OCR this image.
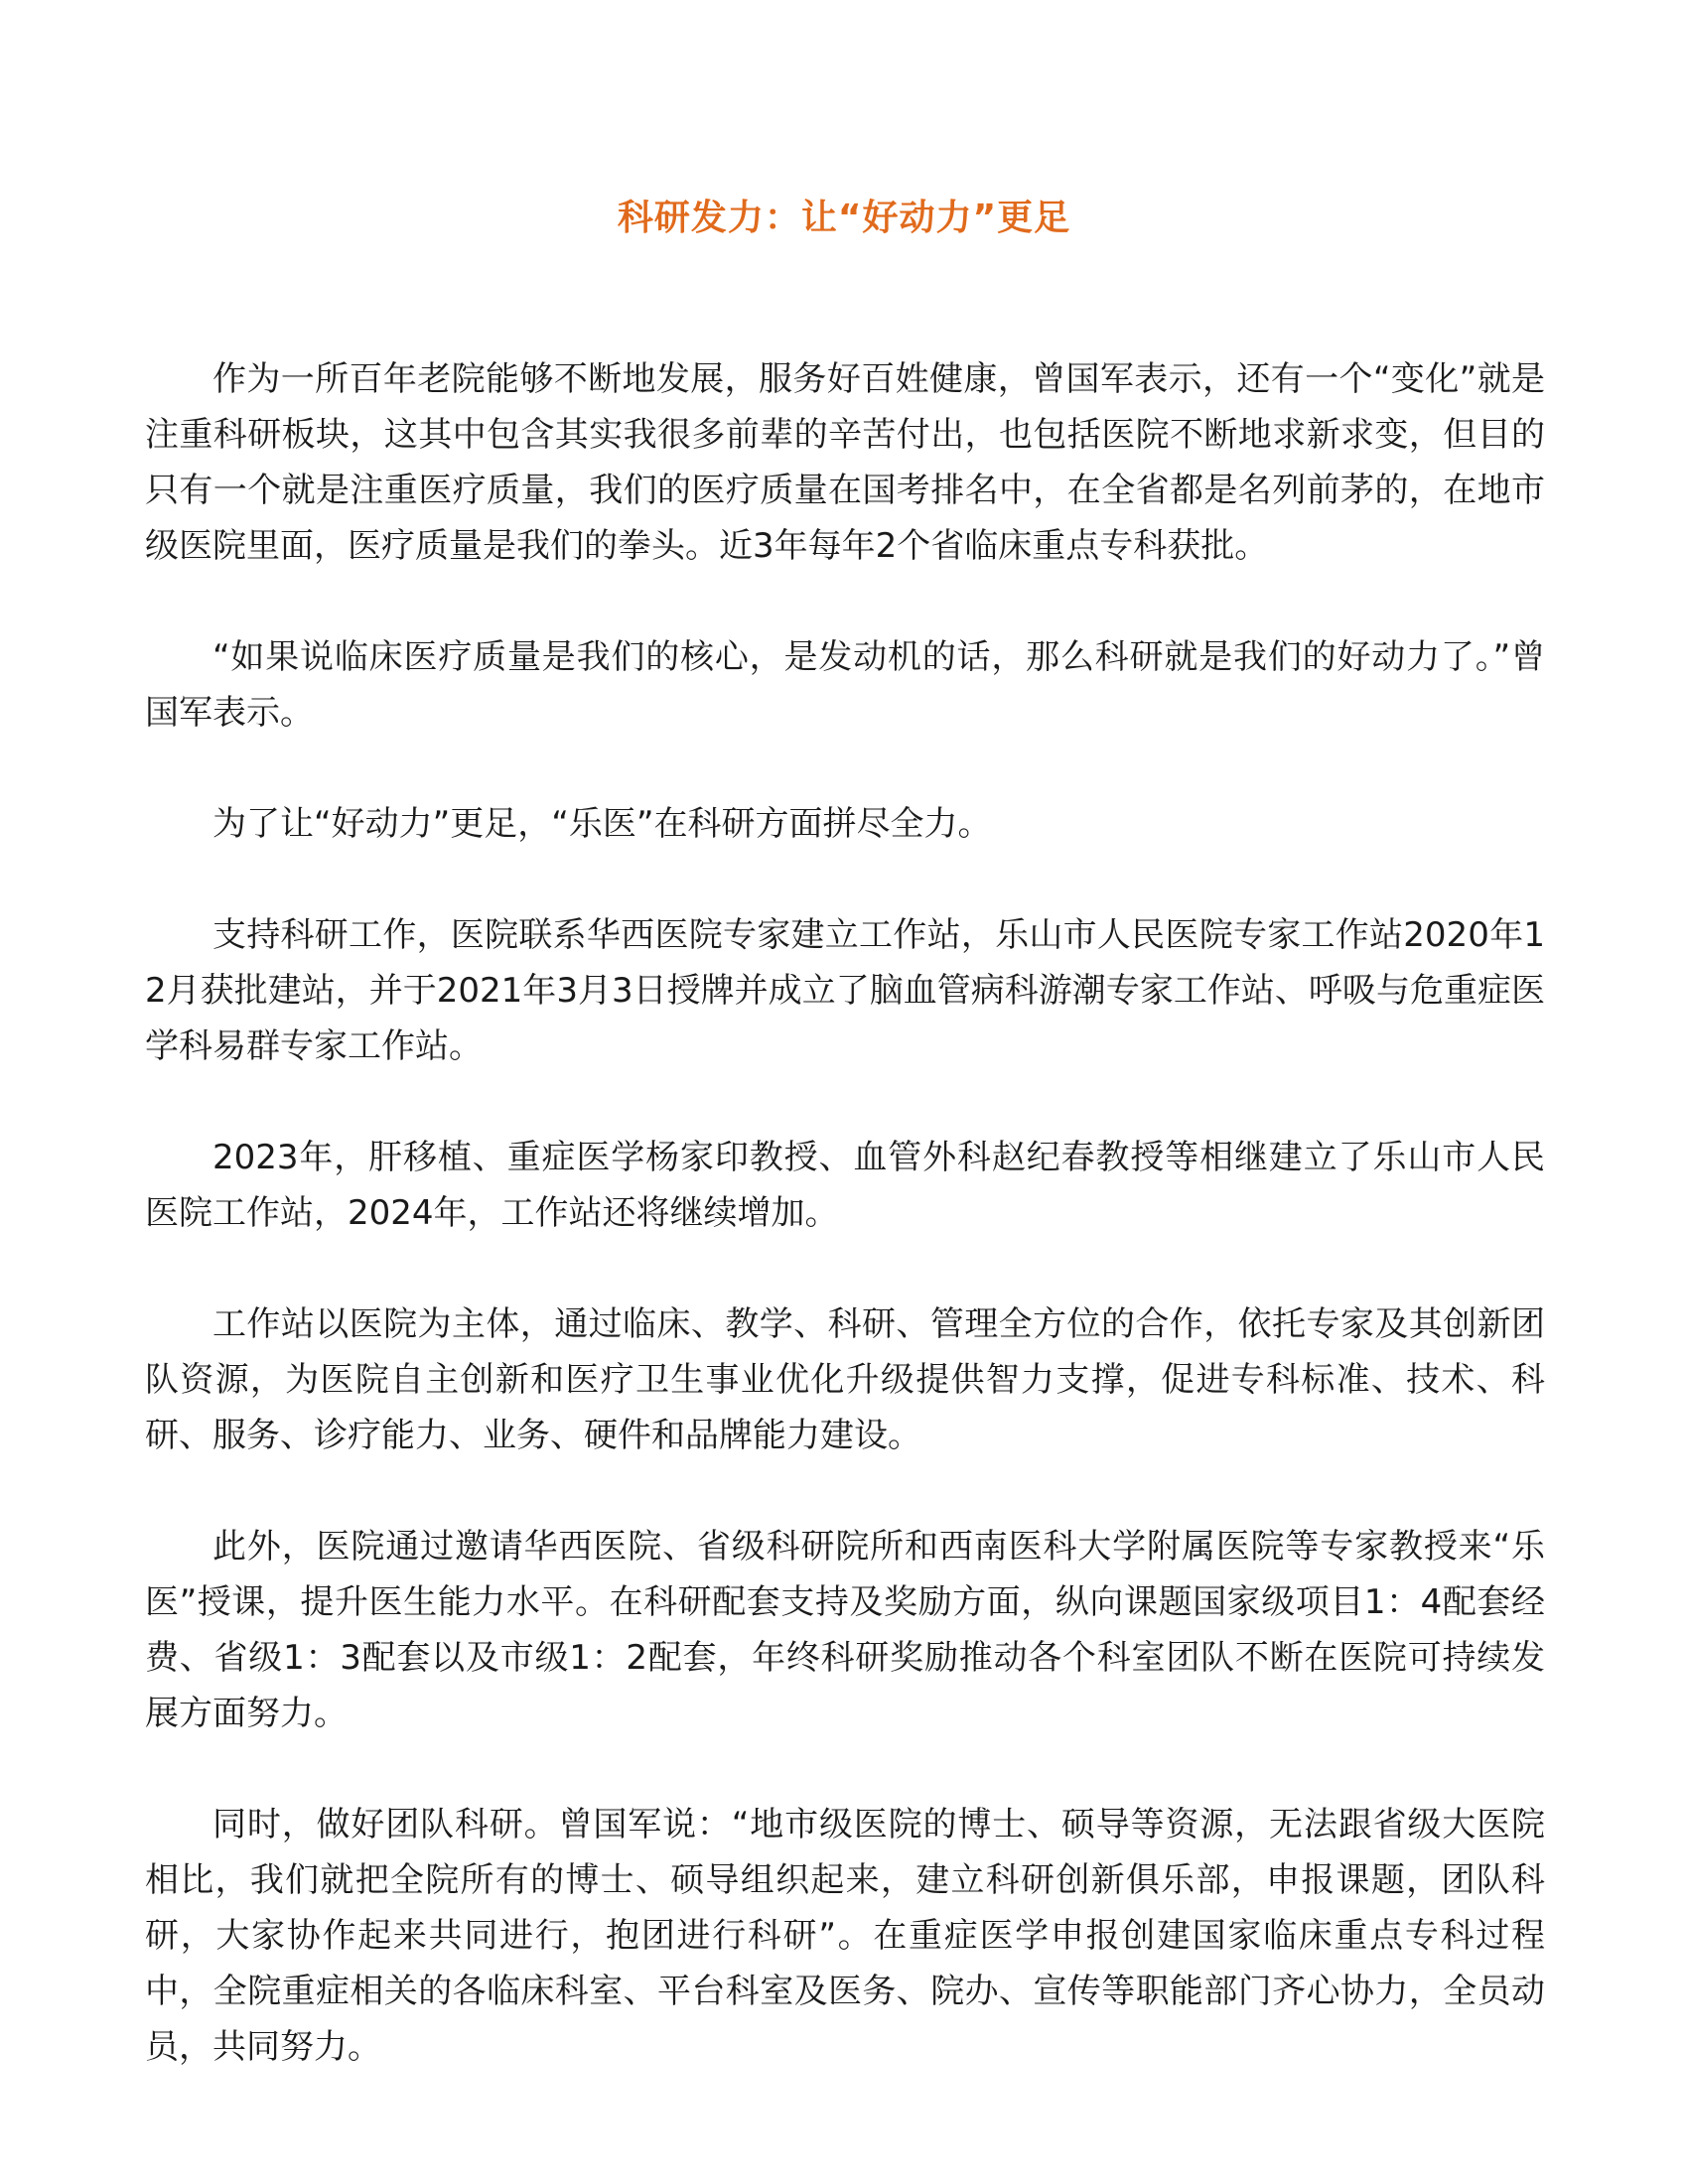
科研发力：让“好动力”更足

作为一所百年老院能够不断地发展，服务好百姓健康，曾国军表示，还有一个“变化”就是注重科研板块，这其中包含其实我很多前辈的辛苦付出，也包括医院不断地求新求变，但目的只有一个就是注重医疗质量，我们的医疗质量在国考排名中，在全省都是名列前茅的，在地市级医院里面，医疗质量是我们的拳头。近3年每年2个省临床重点专科获批。

“如果说临床医疗质量是我们的核心，是发动机的话，那么科研就是我们的好动力了。”曾国军表示。

为了让“好动力”更足，“乐医”在科研方面拼尽全力。

支持科研工作，医院联系华西医院专家建立工作站，乐山市人民医院专家工作站2020年12月获批建站，并于2021年3月3日授牌并成立了脑血管病科游潮专家工作站、呼吸与危重症医学科易群专家工作站。

2023年，肝移植、重症医学杨家印教授、血管外科赵纪春教授等相继建立了乐山市人民医院工作站，2024年，工作站还将继续增加。

工作站以医院为主体，通过临床、教学、科研、管理全方位的合作，依托专家及其创新团队资源，为医院自主创新和医疗卫生事业优化升级提供智力支撑，促进专科标准、技术、科研、服务、诊疗能力、业务、硬件和品牌能力建设。

此外，医院通过邀请华西医院、省级科研院所和西南医科大学附属医院等专家教授来“乐医”授课，提升医生能力水平。在科研配套支持及奖励方面，纵向课题国家级项目1：4配套经费、省级1：3配套以及市级1：2配套，年终科研奖励推动各个科室团队不断在医院可持续发展方面努力。

同时，做好团队科研。曾国军说：“地市级医院的博士、硕导等资源，无法跟省级大医院相比，我们就把全院所有的博士、硕导组织起来，建立科研创新俱乐部，申报课题，团队科研，大家协作起来共同进行，抱团进行科研”。在重症医学申报创建国家临床重点专科过程中，全院重症相关的各临床科室、平台科室及医务、院办、宣传等职能部门齐心协力，全员动员，共同努力。
